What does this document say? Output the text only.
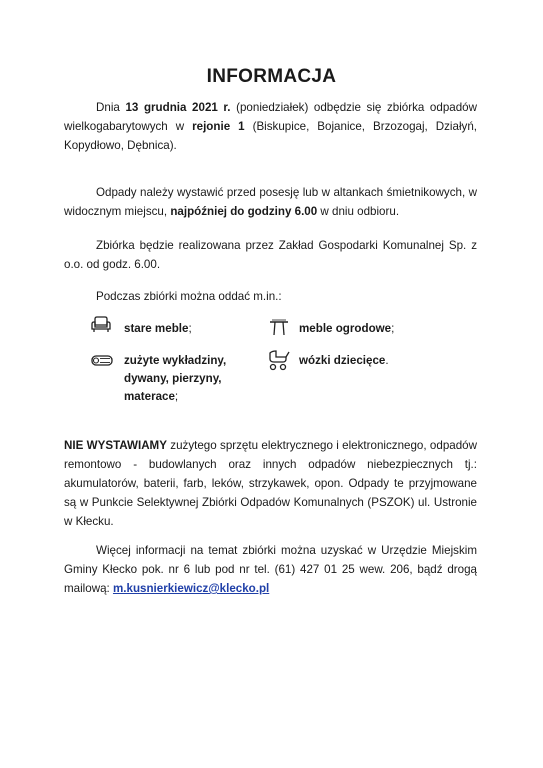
INFORMACJA
Dnia 13 grudnia 2021 r. (poniedziałek) odbędzie się zbiórka odpadów wielkogabarytowych w rejonie 1 (Biskupice, Bojanice, Brzozogaj, Działyń, Kopydłowo, Dębnica).
Odpady należy wystawić przed posesję lub w altankach śmietnikowych, w widocznym miejscu, najpóźniej do godziny 6.00 w dniu odbioru.
Zbiórka będzie realizowana przez Zakład Gospodarki Komunalnej Sp. z o.o. od godz. 6.00.
Podczas zbiórki można oddać m.in.:
stare meble;	meble ogrodowe;
zużyte wykładziny, dywany, pierzyny, materace;
wózki dziecięce.
NIE WYSTAWIAMY zużytego sprzętu elektrycznego i elektronicznego, odpadów remontowo - budowlanych oraz innych odpadów niebezpiecznych tj.: akumulatorów, baterii, farb, leków, strzykawek, opon. Odpady te przyjmowane są w Punkcie Selektywnej Zbiórki Odpadów Komunalnych (PSZOK) ul. Ustronie w Kłecku.
Więcej informacji na temat zbiórki można uzyskać w Urzędzie Miejskim Gminy Kłecko pok. nr 6 lub pod nr tel. (61) 427 01 25 wew. 206, bądź drogą mailową: m.kusnierkiewicz@klecko.pl
